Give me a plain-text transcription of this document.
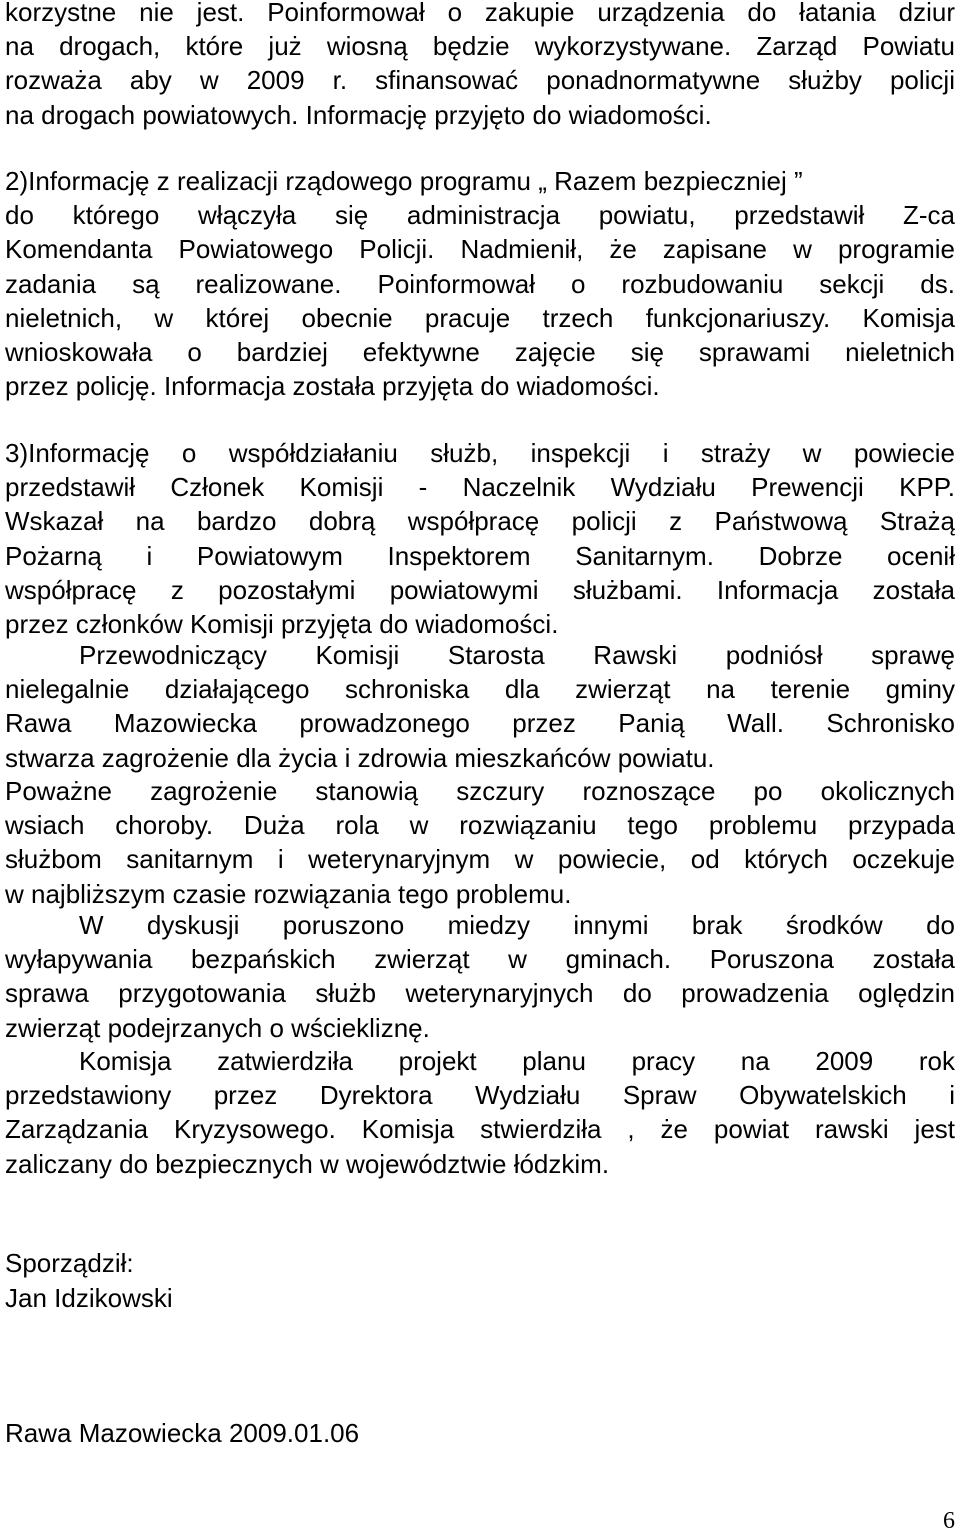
korzystne nie jest. Poinformował o zakupie urządzenia do łatania dziur
na drogach, które już wiosną będzie wykorzystywane. Zarząd Powiatu
rozważa aby w 2009 r. sfinansować ponadnormatywne służby policji
na drogach powiatowych. Informację przyjęto do wiadomości.
2)Informację z realizacji rządowego programu „ Razem bezpieczniej ”
do którego włączyła się administracja powiatu, przedstawił Z-ca
Komendanta Powiatowego Policji. Nadmienił, że zapisane w programie
zadania są realizowane. Poinformował o rozbudowaniu sekcji ds.
nieletnich, w której obecnie pracuje trzech funkcjonariuszy. Komisja
wnioskowała o bardziej efektywne zajęcie się sprawami nieletnich
przez policję. Informacja została przyjęta do wiadomości.
3)Informację o współdziałaniu służb, inspekcji i straży w powiecie
przedstawił Członek Komisji - Naczelnik Wydziału Prewencji KPP.
Wskazał na bardzo dobrą współpracę policji z Państwową Strażą
Pożarną i Powiatowym Inspektorem Sanitarnym. Dobrze ocenił
współpracę z pozostałymi powiatowymi służbami. Informacja została
przez członków Komisji przyjęta do wiadomości.
Przewodniczący Komisji Starosta Rawski podniósł sprawę
nielegalnie działającego schroniska dla zwierząt na terenie gminy
Rawa Mazowiecka prowadzonego przez Panią Wall. Schronisko
stwarza zagrożenie dla życia i zdrowia mieszkańców powiatu.
Poważne zagrożenie stanowią szczury roznoszące po okolicznych
wsiach choroby. Duża rola w rozwiązaniu tego problemu przypada
służbom sanitarnym i weterynaryjnym w powiecie, od których oczekuje
w najbliższym czasie rozwiązania tego problemu.
W dyskusji poruszono miedzy innymi brak środków do
wyłapywania bezpańskich zwierząt w gminach. Poruszona została
sprawa przygotowania służb weterynaryjnych do prowadzenia oględzin
zwierząt podejrzanych o wściekliznę.
Komisja zatwierdziła projekt planu pracy na 2009 rok
przedstawiony przez Dyrektora Wydziału Spraw Obywatelskich i
Zarządzania Kryzysowego. Komisja stwierdziła , że powiat rawski jest
zaliczany do bezpiecznych w województwie łódzkim.

Sporządził:

Jan Idzikowski

Rawa Mazowiecka 2009.01.06

6
